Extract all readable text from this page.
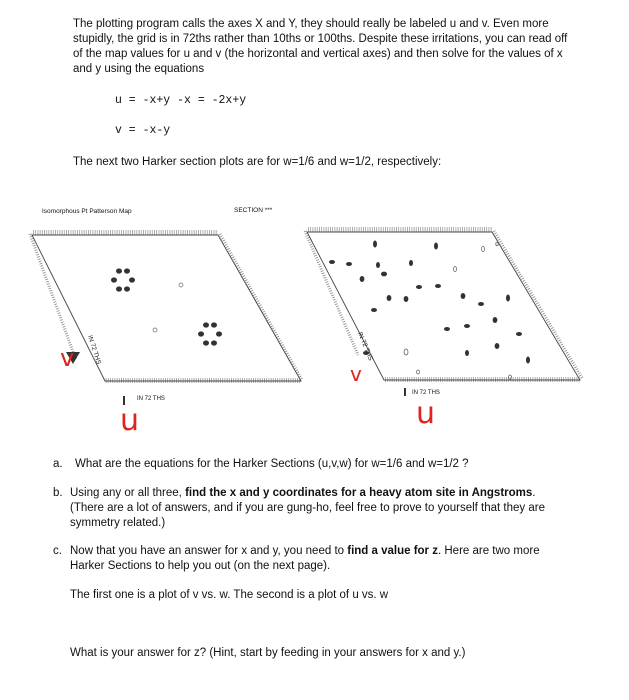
The plotting program calls the axes X and Y, they should really be labeled u and v. Even more
stupidly, the grid is in 72ths rather than 10ths or 100ths. Despite these irritations, you can read off
of the map values for u and v (the horizontal and vertical axes) and then solve for the values of x
and y using the equations
u = -x+y -x = -2x+y
v = -x-y
The next two Harker section plots are for w=1/6 and w=1/2, respectively:
Isomorphous Pt Patterson Map	SECTION ***
IN 72 THS	IN 72 THS
IN 72 THS
IN 72 THS
v
u
v
u
a. What are the equations for the Harker Sections (u,v,w) for w=1/6 and w=1/2 ?
b. Using any or all three, find the x and y coordinates for a heavy atom site in Angstroms.
(There are a lot of answers, and if you are gung-ho, feel free to prove to yourself that they are
symmetry related.)
c. Now that you have an answer for x and y, you need to find a value for z. Here are two more
Harker Sections to help you out (on the next page).
The first one is a plot of v vs. w. The second is a plot of u vs. w
What is your answer for z? (Hint, start by feeding in your answers for x and y.)
